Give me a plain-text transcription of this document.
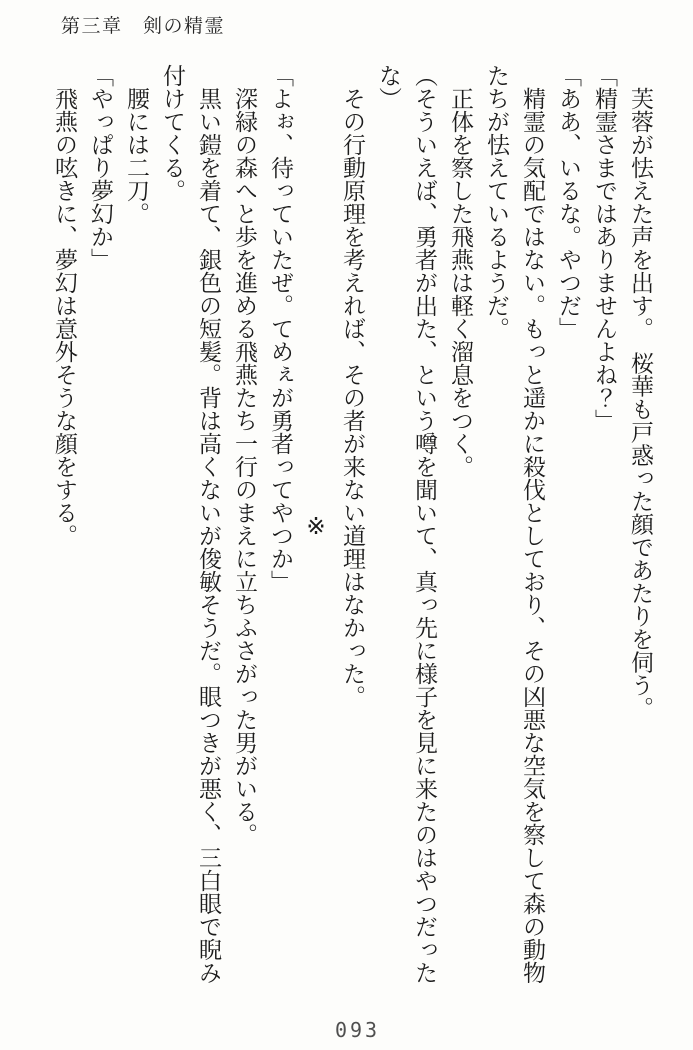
第三章　剣の精霊

　芙蓉が怯えた声を出す。　桜華も戸惑った顔であたりを伺う。

「精霊さまではありませんよね？」

「ああ、いるな。やつだ」

　精霊の気配ではない。もっと遥かに殺伐としており、その凶悪な空気を察して森の動物たちが怯えているようだ。

　正体を察した飛燕は軽く溜息をつく。

（そういえば、勇者が出た、という噂を聞いて、真っ先に様子を見に来たのはやつだったな）

　その行動原理を考えれば、その者が来ない道理はなかった。

※

「よぉ、待っていたぜ。てめぇが勇者ってやつか」

　深緑の森へと歩を進める飛燕たち一行のまえに立ちふさがった男がいる。

　黒い鎧を着て、銀色の短髪。背は高くないが俊敏そうだ。眼つきが悪く、三白眼で睨み付けてくる。

　腰には二刀。

「やっぱり夢幻か」

　飛燕の呟きに、夢幻は意外そうな顔をする。

093
